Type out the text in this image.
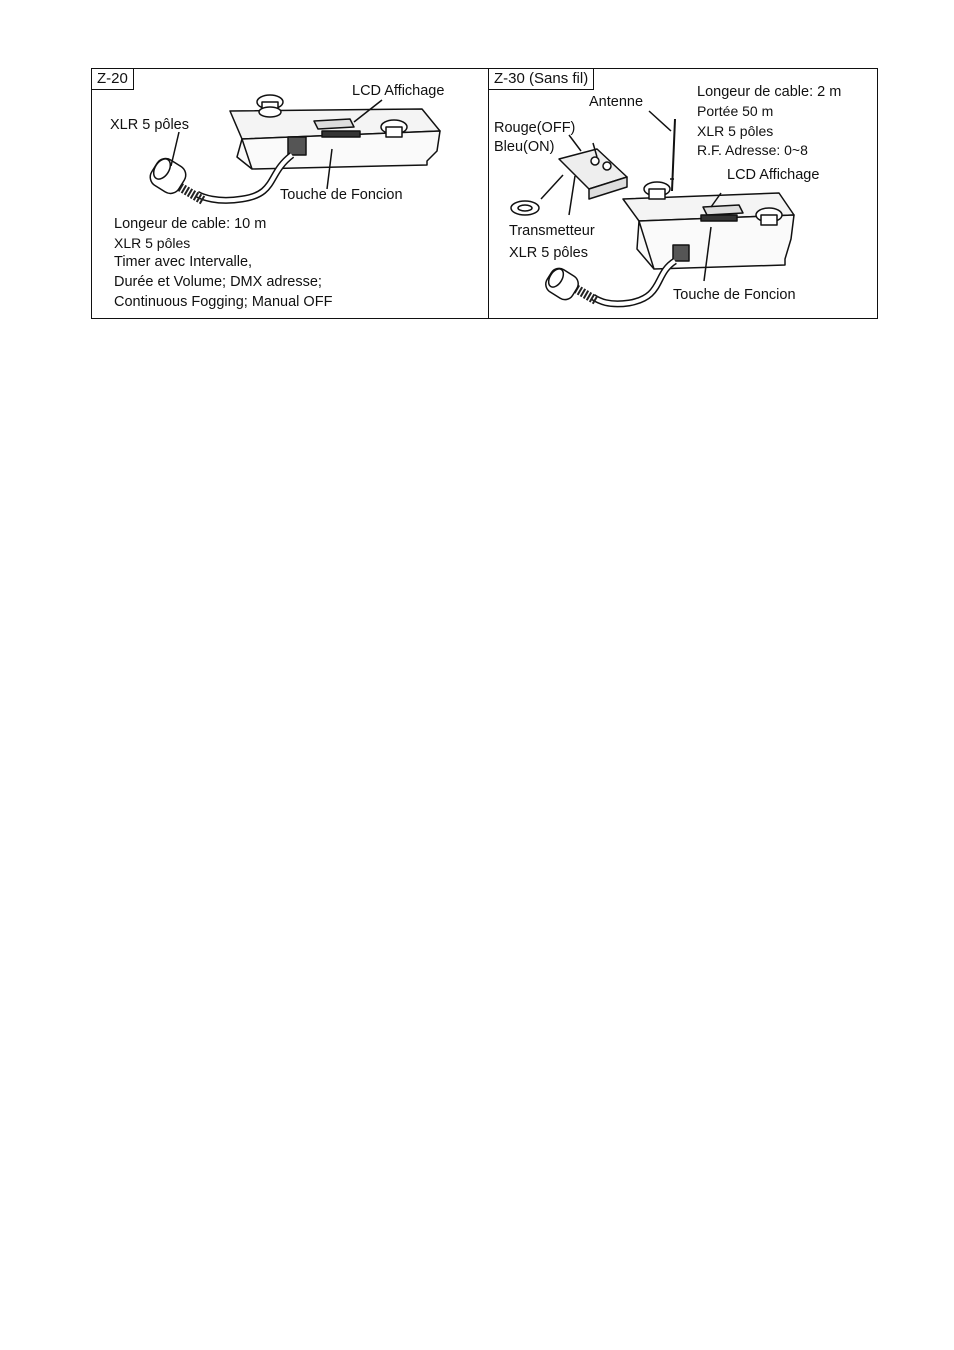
Z-20
LCD Affichage
XLR 5 pôles
Touche de Foncion
Longeur de cable: 10 m
XLR 5 pôles
Timer avec Intervalle,
Durée et Volume; DMX adresse;
Continuous Fogging; Manual OFF
Z-30 (Sans fil)
Antenne
Rouge(OFF)
Bleu(ON)
Transmetteur
XLR 5 pôles
LCD Affichage
Touche de Foncion
Longeur de cable: 2 m
Portée 50 m
XLR 5 pôles
R.F. Adresse: 0~8
